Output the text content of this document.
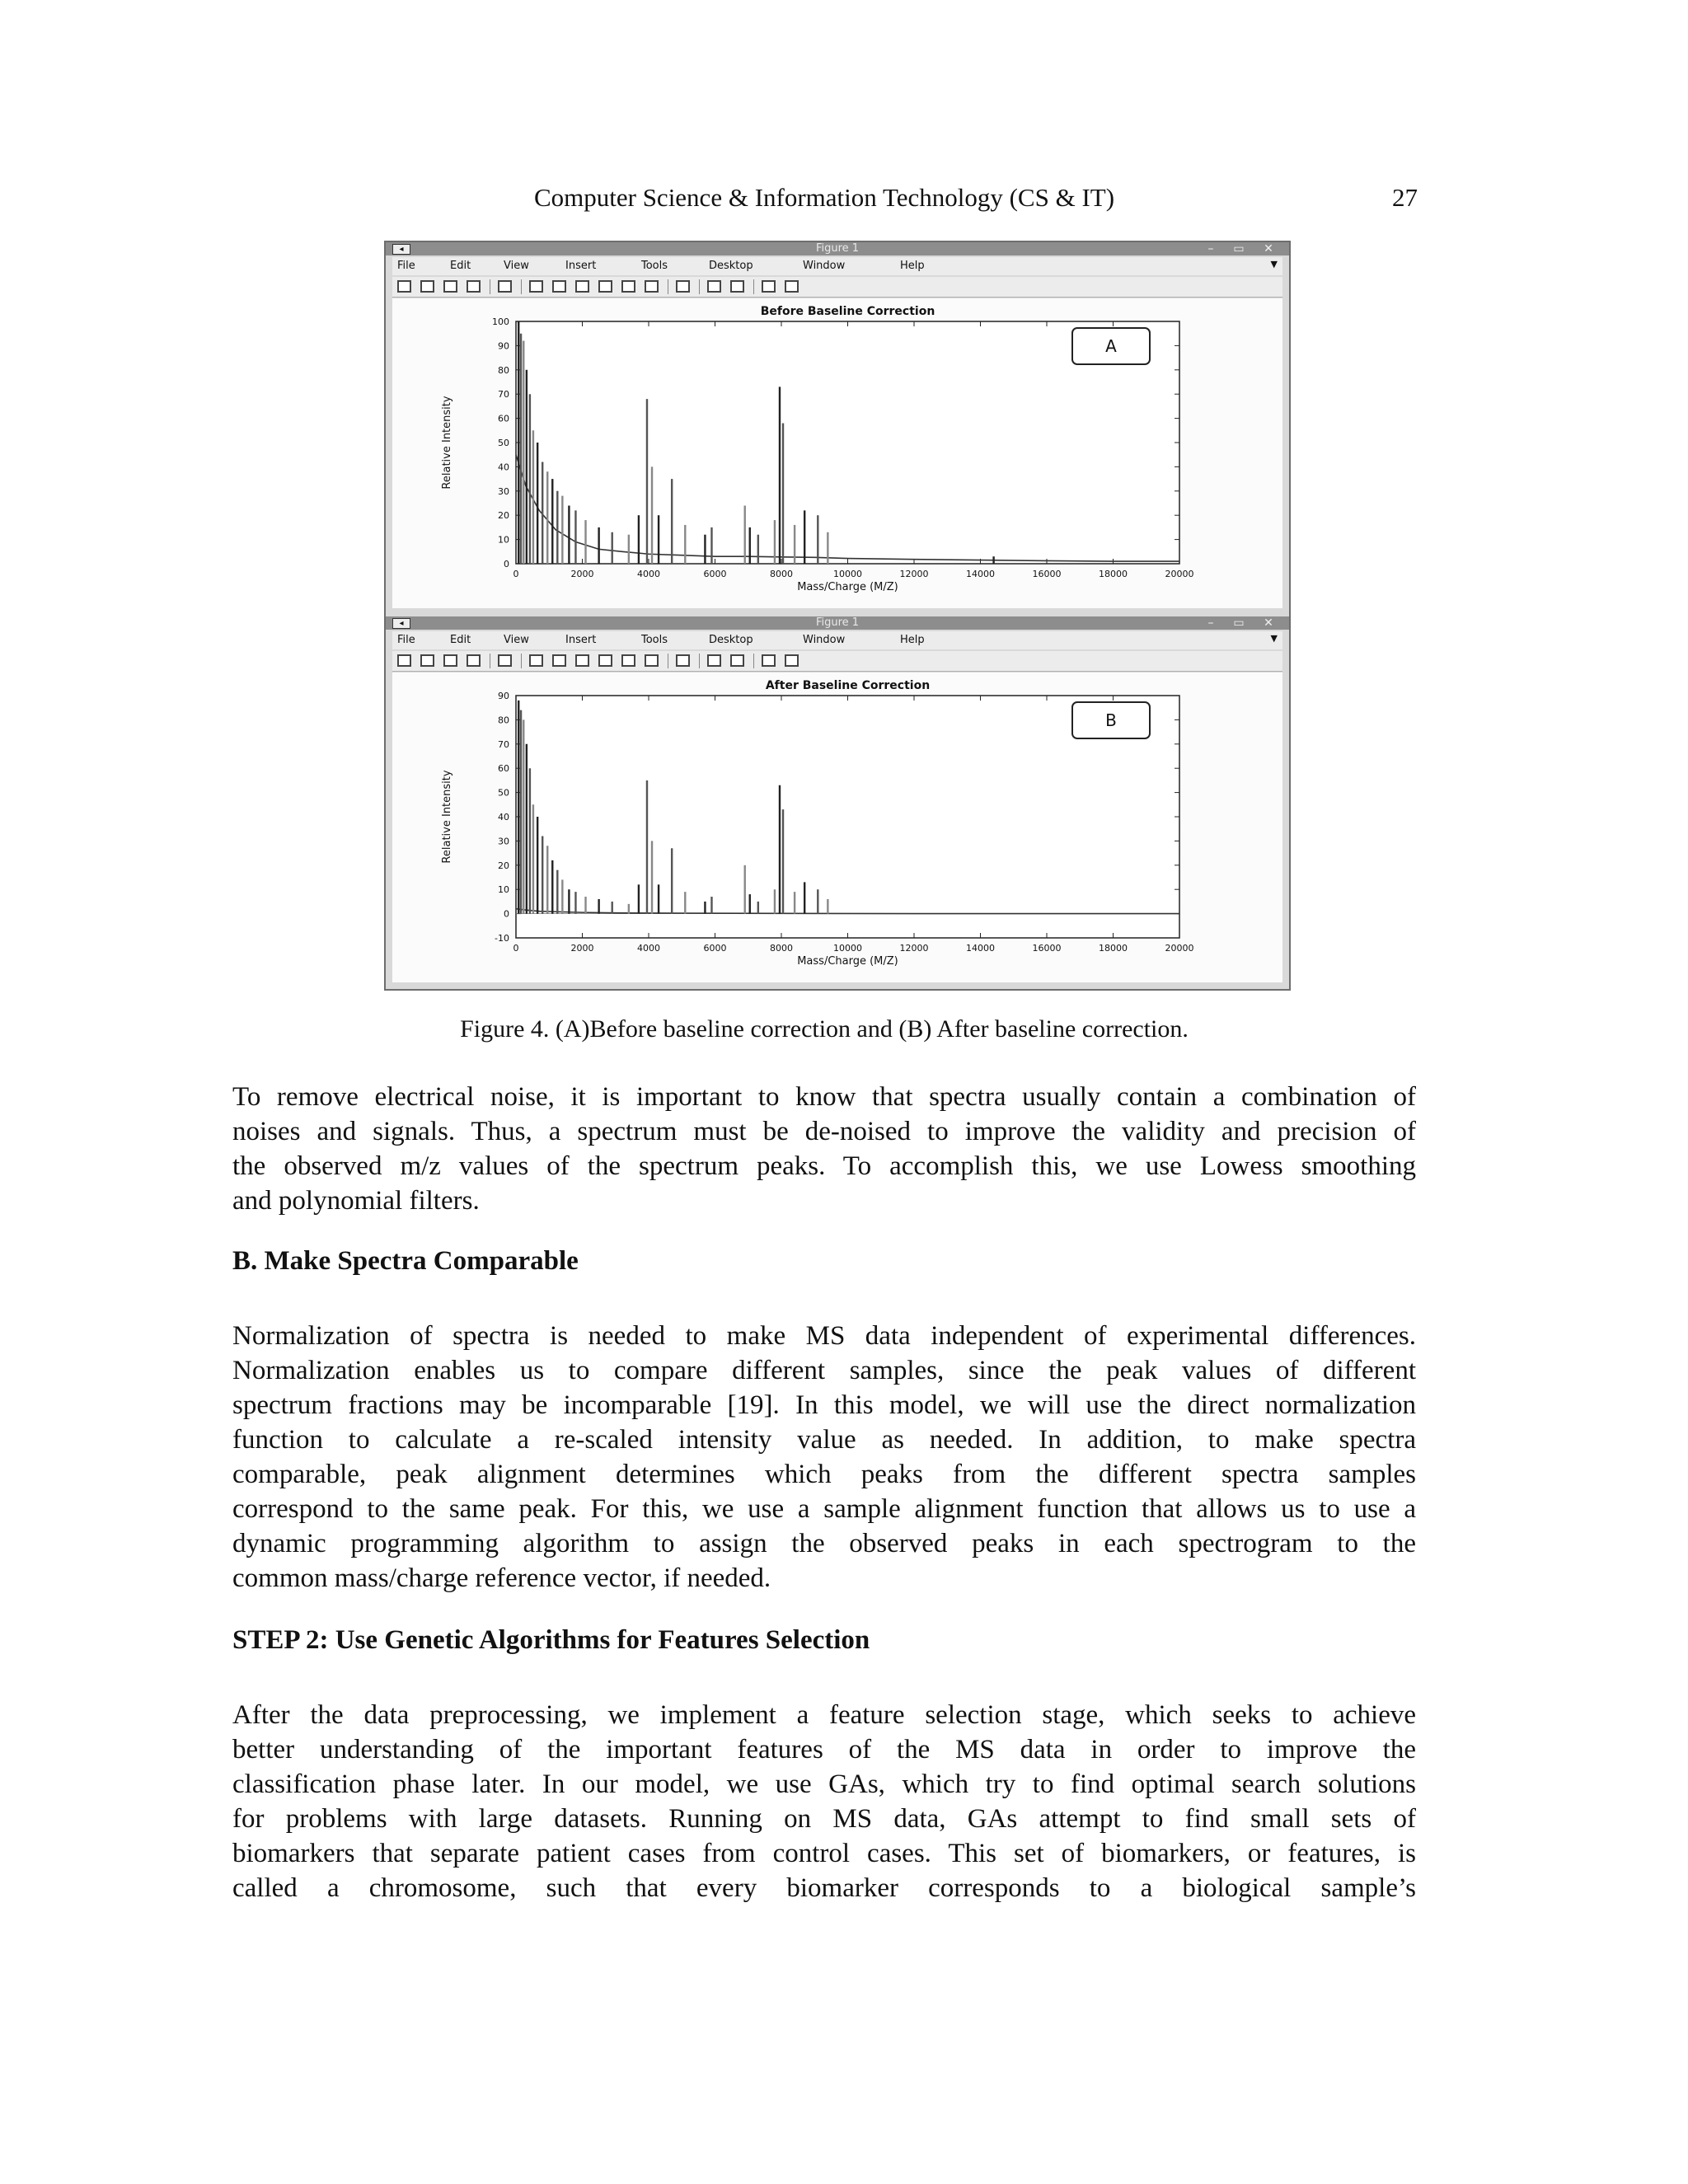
Computer Science & Information Technology (CS & IT)	27
◂	Figure 1	–	▭	✕
File	Edit	View	Insert	Tools	Desktop	Window	Help	▼
Before Baseline Correction
0
10
20
30
40
50
60
70
80
90
100
0	2000	4000	6000	8000	10000	12000	14000	16000	18000	20000
Mass/Charge (M/Z)
Relative Intensity
A
◂	Figure 1	–	▭	✕
File	Edit	View	Insert	Tools	Desktop	Window	Help	▼
After Baseline Correction
-10
0
10
20
30
40
50
60
70
80
90
0	2000	4000	6000	8000	10000	12000	14000	16000	18000	20000
Mass/Charge (M/Z)
Relative Intensity
B
Figure 4. (A)Before baseline correction and (B) After baseline correction.

To remove electrical noise, it is important to know that spectra usually contain a combination of
noises and signals. Thus, a spectrum must be de-noised to improve the validity and precision of
the observed m/z values of the spectrum peaks. To accomplish this, we use Lowess smoothing
and polynomial filters.

B. Make Spectra Comparable

Normalization of spectra is needed to make MS data independent of experimental differences.
Normalization enables us to compare different samples, since the peak values of different
spectrum fractions may be incomparable [19]. In this model, we will use the direct normalization
function to calculate a re-scaled intensity value as needed. In addition, to make spectra
comparable, peak alignment determines which peaks from the different spectra samples
correspond to the same peak. For this, we use a sample alignment function that allows us to use a
dynamic programming algorithm to assign the observed peaks in each spectrogram to the
common mass/charge reference vector, if needed.

STEP 2: Use Genetic Algorithms for Features Selection

After the data preprocessing, we implement a feature selection stage, which seeks to achieve
better understanding of the important features of the MS data in order to improve the
classification phase later. In our model, we use GAs, which try to find optimal search solutions
for problems with large datasets. Running on MS data, GAs attempt to find small sets of
biomarkers that separate patient cases from control cases. This set of biomarkers, or features, is
called a chromosome, such that every biomarker corresponds to a biological sample’s
